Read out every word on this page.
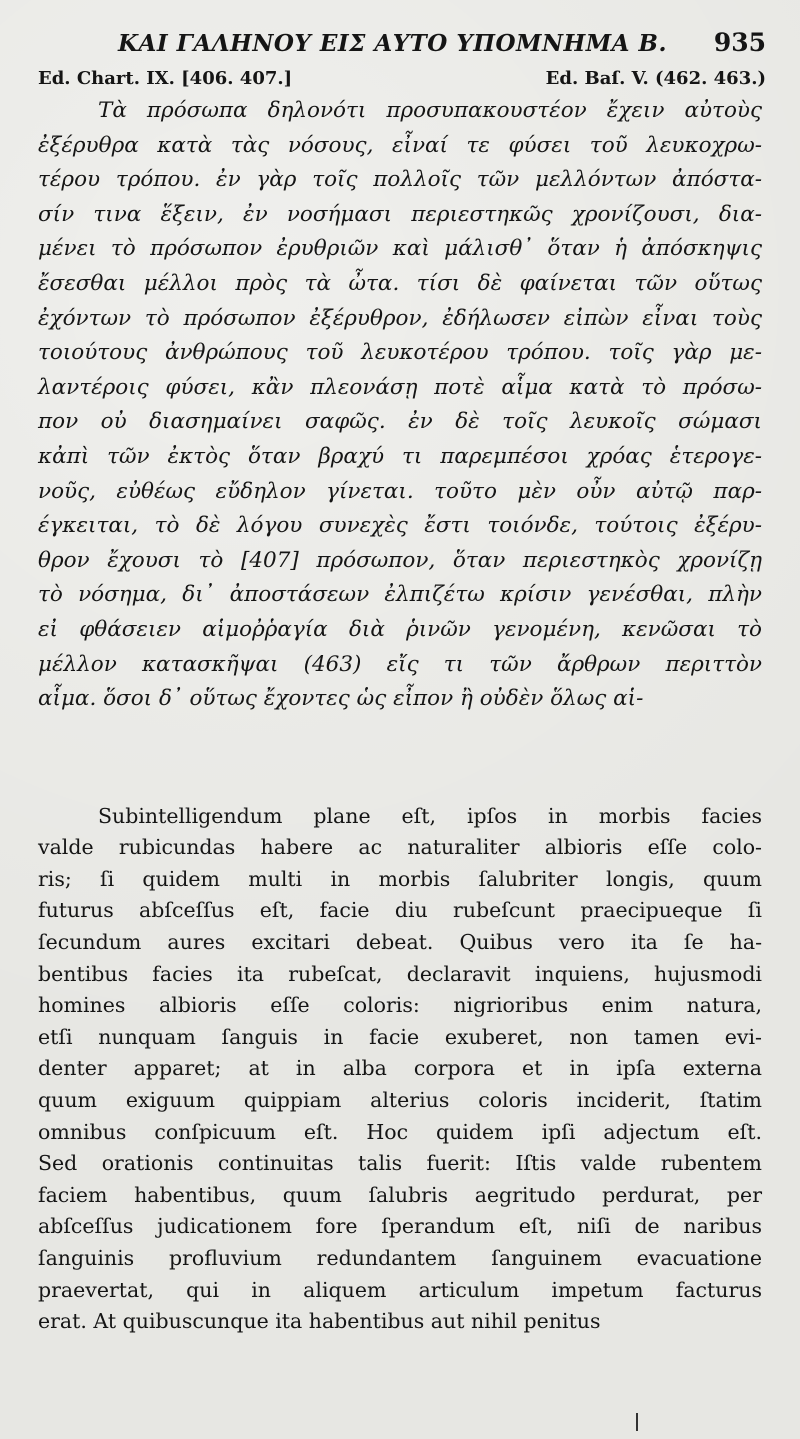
ΚΑΙ ΓΑΛΗΝΟΥ ΕΙΣ ΑΥΤΟ ΥΠΟΜΝΗΜΑ Β. 935
Ed. Chart. IX. [406. 407.]	Ed. Baſ. V. (462. 463.)
Τὰ πρόσωπα δηλονότι προσυπακουστέον ἔχειν αὐτοὺς
ἐξέρυθρα κατὰ τὰς νόσους, εἶναί τε φύσει τοῦ λευκοχρω-
τέρου τρόπου. ἐν γὰρ τοῖς πολλοῖς τῶν μελλόντων ἀπόστα-
σίν τινα ἕξειν, ἐν νοσήμασι περιεστηκῶς χρονίζουσι, δια-
μένει τὸ πρόσωπον ἐρυθριῶν καὶ μάλισθ᾽ ὅταν ἡ ἀπόσκηψις
ἔσεσθαι μέλλοι πρὸς τὰ ὦτα. τίσι δὲ φαίνεται τῶν οὕτως
ἐχόντων τὸ πρόσωπον ἐξέρυθρον, ἐδήλωσεν εἰπὼν εἶναι τοὺς
τοιούτους ἀνθρώπους τοῦ λευκοτέρου τρόπου. τοῖς γὰρ με-
λαντέροις φύσει, κἂν πλεονάσῃ ποτὲ αἷμα κατὰ τὸ πρόσω-
πον οὐ διασημαίνει σαφῶς. ἐν δὲ τοῖς λευκοῖς σώμασι
κἀπὶ τῶν ἐκτὸς ὅταν βραχύ τι παρεμπέσοι χρόας ἑτερογε-
νοῦς, εὐθέως εὔδηλον γίνεται. τοῦτο μὲν οὖν αὐτῷ παρ-
έγκειται, τὸ δὲ λόγου συνεχὲς ἔστι τοιόνδε, τούτοις ἐξέρυ-
θρον ἔχουσι τὸ [407] πρόσωπον, ὅταν περιεστηκὸς χρονίζῃ
τὸ νόσημα, δι᾽ ἀποστάσεων ἐλπιζέτω κρίσιν γενέσθαι, πλὴν
εἰ φθάσειεν αἱμοῤῥαγία διὰ ῥινῶν γενομένη, κενῶσαι τὸ
μέλλον κατασκῆψαι (463) εἴς τι τῶν ἄρθρων περιττὸν
αἷμα. ὅσοι δ᾽ οὕτως ἔχοντες ὡς εἶπον ἢ οὐδὲν ὅλως αἱ-
Subintelligendum plane eſt, ipſos in morbis facies
valde rubicundas habere ac naturaliter albioris eſſe colo-
ris; ſi quidem multi in morbis ſalubriter longis, quum
futurus abſceſſus eſt, facie diu rubeſcunt praecipueque ſi
ſecundum aures excitari debeat. Quibus vero ita ſe ha-
bentibus facies ita rubeſcat, declaravit inquiens, hujusmodi
homines albioris eſſe coloris: nigrioribus enim natura,
etſi nunquam ſanguis in facie exuberet, non tamen evi-
denter apparet; at in alba corpora et in ipſa externa
quum exiguum quippiam alterius coloris inciderit, ſtatim
omnibus conſpicuum eſt. Hoc quidem ipſi adjectum eſt.
Sed orationis continuitas talis fuerit: Iſtis valde rubentem
faciem habentibus, quum ſalubris aegritudo perdurat, per
abſceſſus judicationem fore ſperandum eſt, niſi de naribus
ſanguinis profluvium redundantem ſanguinem evacuatione
praevertat, qui in aliquem articulum impetum facturus
erat. At quibuscunque ita habentibus aut nihil penitus
